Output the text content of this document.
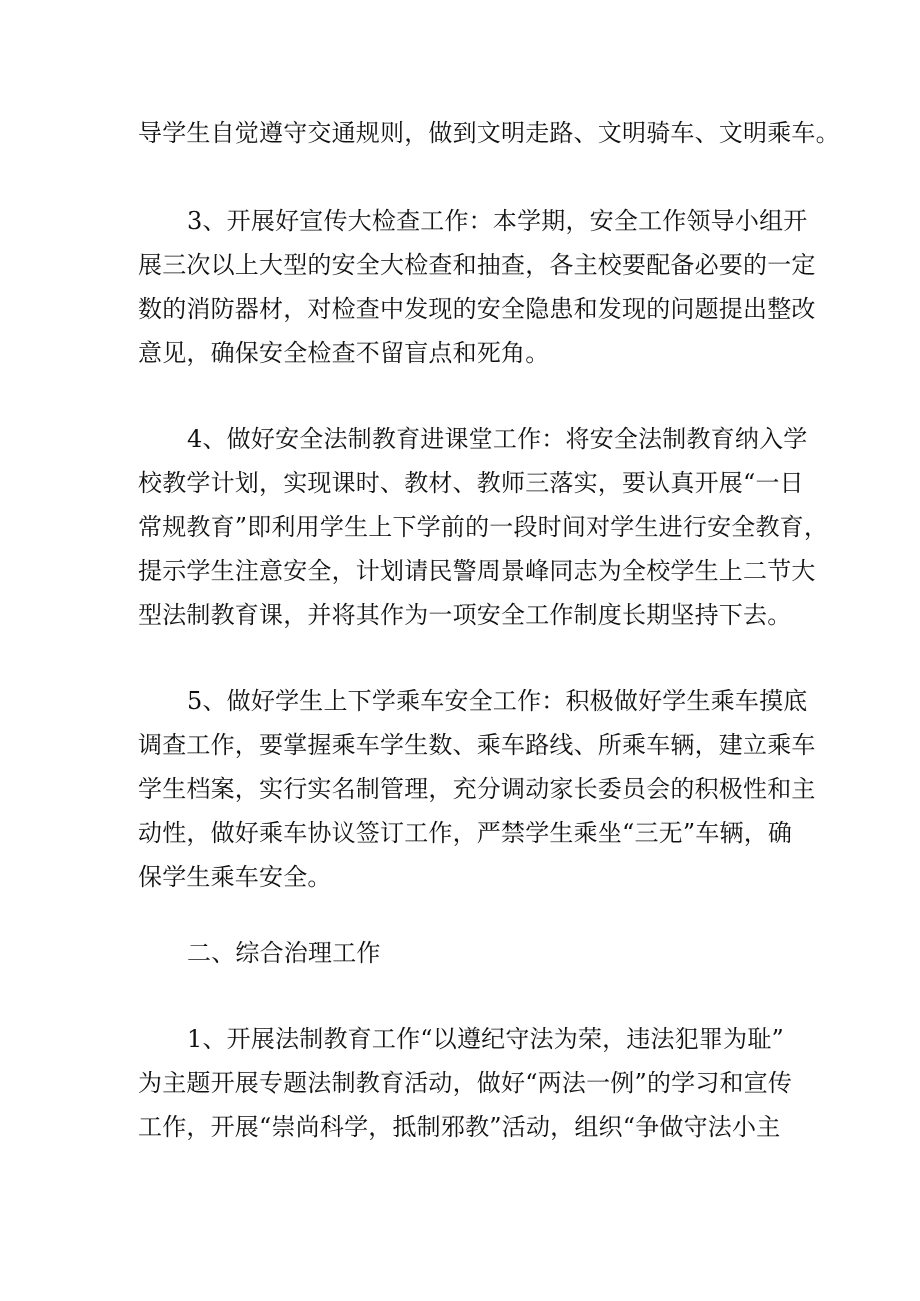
导学生自觉遵守交通规则，做到文明走路、文明骑车、文明乘车。
3、开展好宣传大检查工作：本学期，安全工作领导小组开
展三次以上大型的安全大检查和抽查，各主校要配备必要的一定
数的消防器材，对检查中发现的安全隐患和发现的问题提出整改
意见，确保安全检查不留盲点和死角。
4、做好安全法制教育进课堂工作：将安全法制教育纳入学
校教学计划，实现课时、教材、教师三落实，要认真开展“一日
常规教育”即利用学生上下学前的一段时间对学生进行安全教育，
提示学生注意安全，计划请民警周景峰同志为全校学生上二节大
型法制教育课，并将其作为一项安全工作制度长期坚持下去。
5、做好学生上下学乘车安全工作：积极做好学生乘车摸底
调查工作，要掌握乘车学生数、乘车路线、所乘车辆，建立乘车
学生档案，实行实名制管理，充分调动家长委员会的积极性和主
动性，做好乘车协议签订工作，严禁学生乘坐“三无”车辆，确
保学生乘车安全。
二、综合治理工作
1、开展法制教育工作“以遵纪守法为荣，违法犯罪为耻”
为主题开展专题法制教育活动，做好“两法一例”的学习和宣传
工作，开展“崇尚科学，抵制邪教”活动，组织“争做守法小主
